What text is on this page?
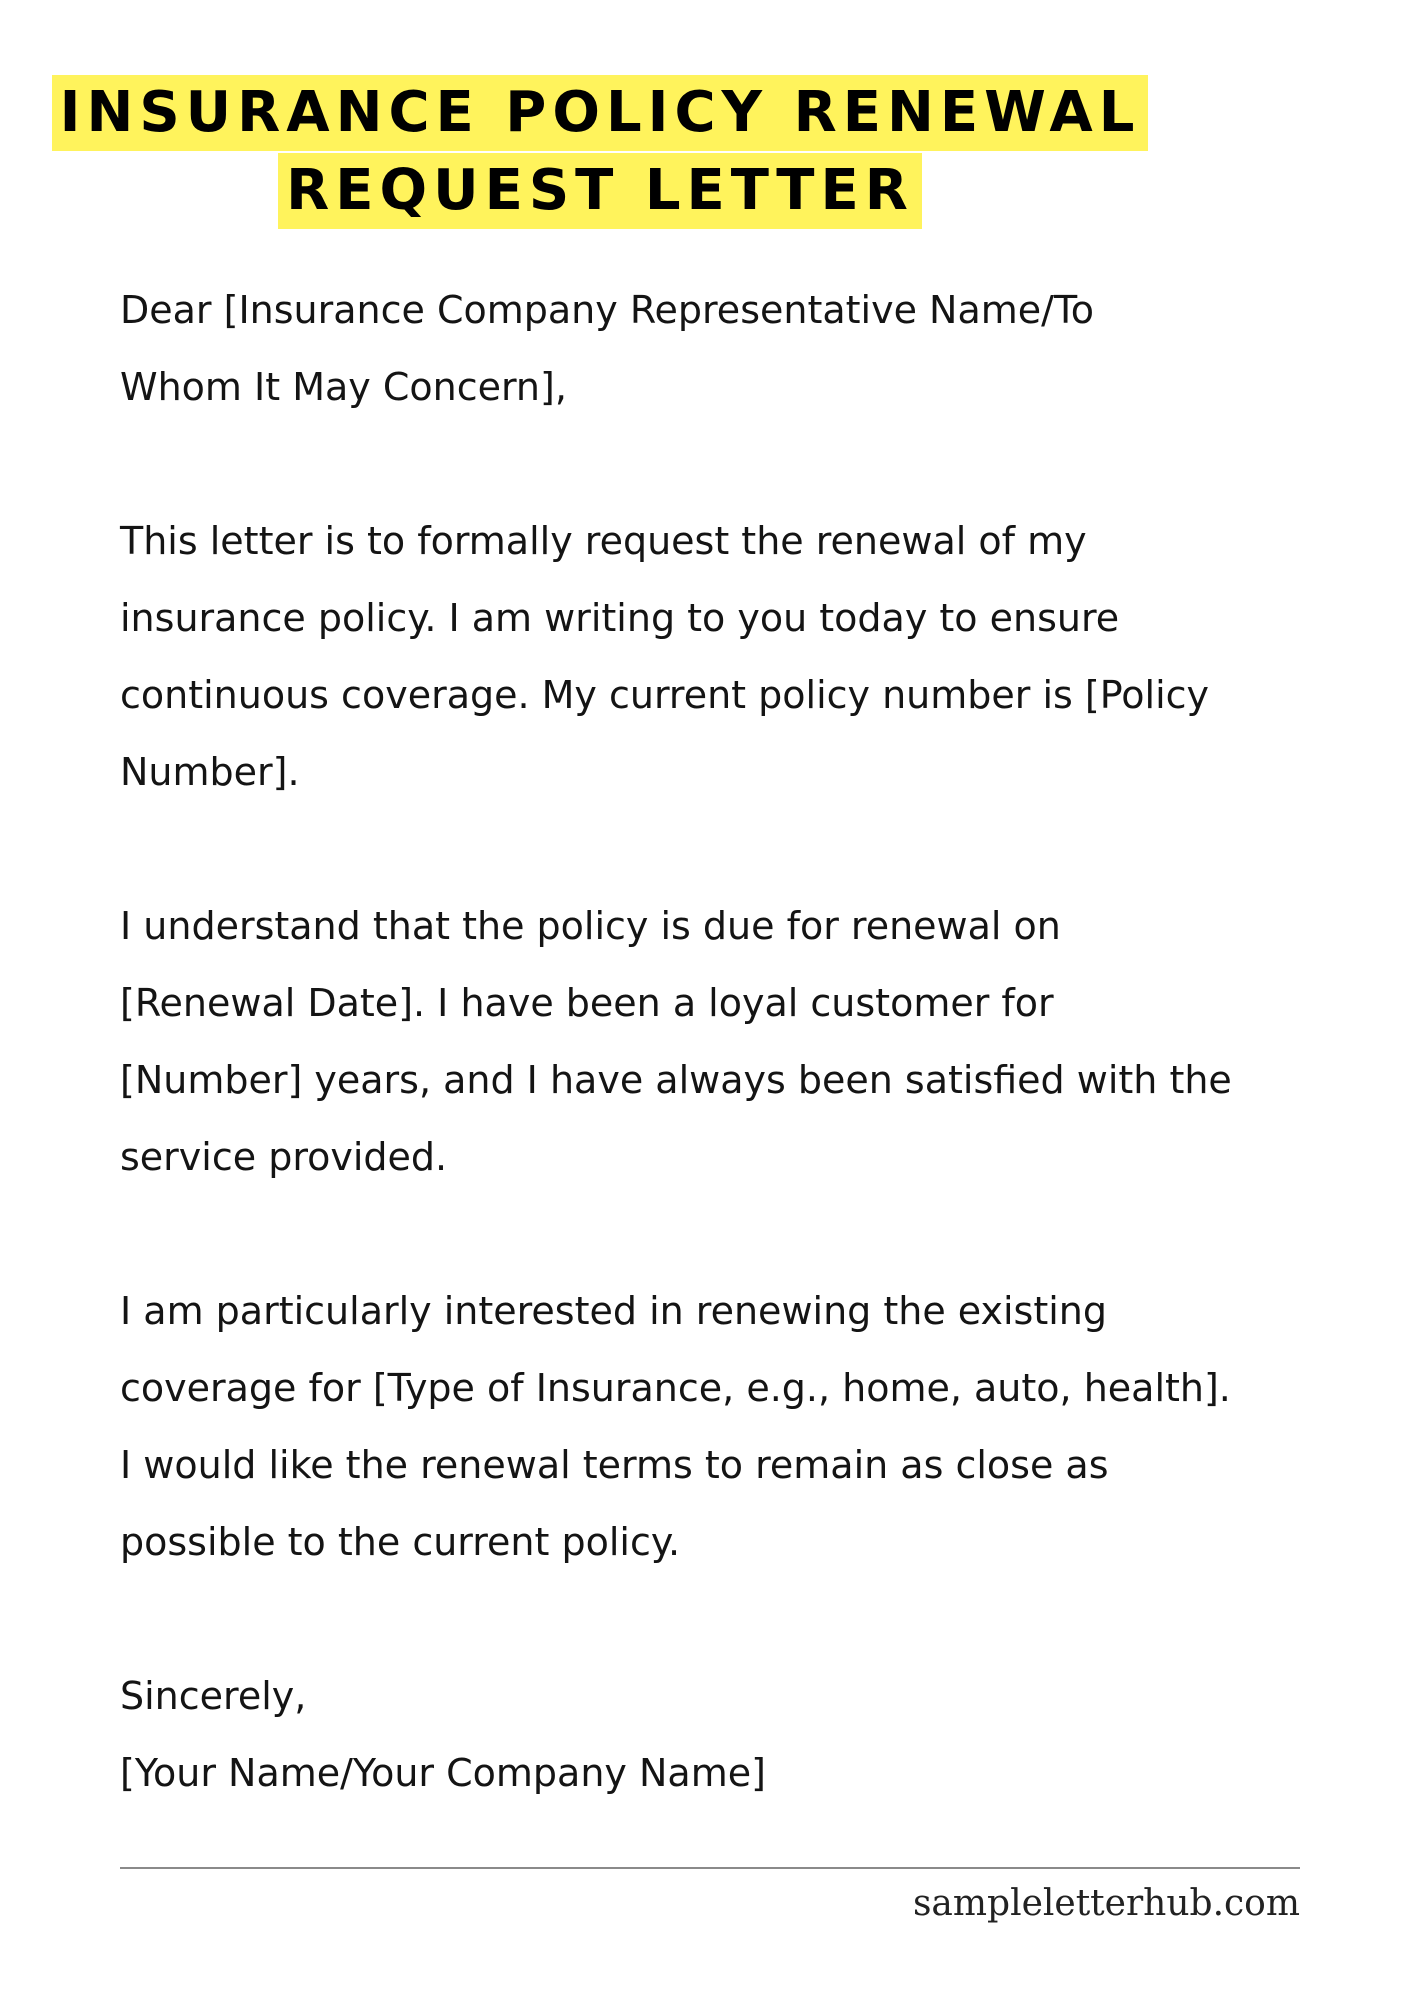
INSURANCE POLICY RENEWAL
REQUEST LETTER

Dear [Insurance Company Representative Name/To
Whom It May Concern],

This letter is to formally request the renewal of my
insurance policy. I am writing to you today to ensure
continuous coverage. My current policy number is [Policy
Number].

I understand that the policy is due for renewal on
[Renewal Date]. I have been a loyal customer for
[Number] years, and I have always been satisfied with the
service provided.

I am particularly interested in renewing the existing
coverage for [Type of Insurance, e.g., home, auto, health].
I would like the renewal terms to remain as close as
possible to the current policy.

Sincerely,

[Your Name/Your Company Name]

sampleletterhub.com
